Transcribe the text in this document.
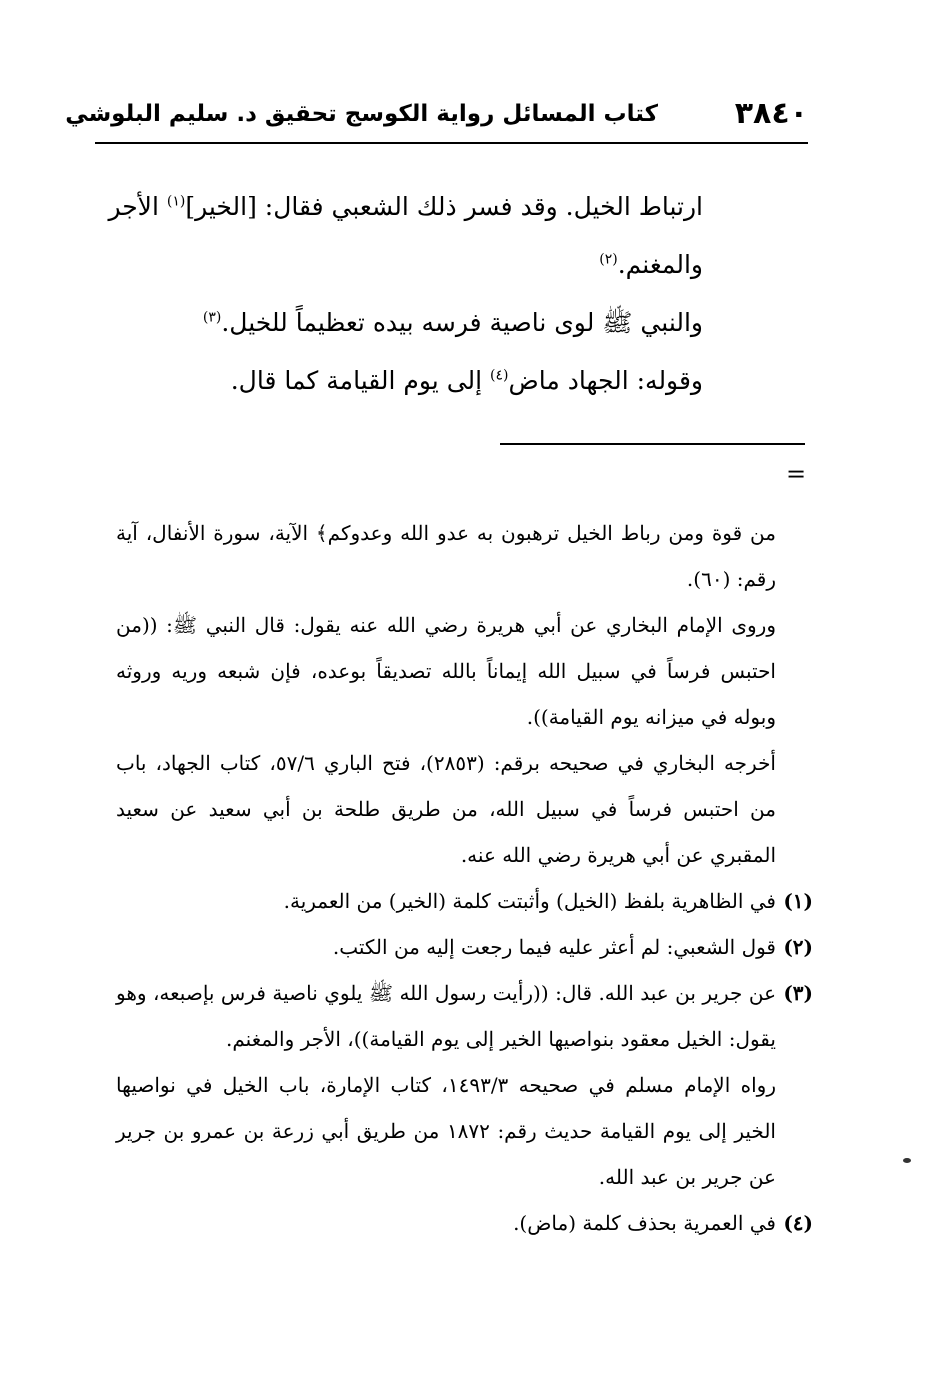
٣٨٤٠
كتاب المسائل رواية الكوسج تحقيق د. سليم البلوشي

ارتباط الخيل. وقد فسر ذلك الشعبي فقال: [الخير]$^{(١)}$ الأجر

والمغنم.$^{(٢)}$

والنبي ﷺ لوى ناصية فرسه بيده تعظيماً للخيل.$^{(٣)}$

وقوله: الجهاد ماض$^{(٤)}$ إلى يوم القيامة كما قال.

=

من قوة ومن رباط الخيل ترهبون به عدو الله وعدوكم﴾ الآية، سورة الأنفال، آية رقم: (٦٠).

وروى الإمام البخاري عن أبي هريرة رضي الله عنه يقول: قال النبي ﷺ: ((من احتبس فرساً في سبيل الله إيماناً بالله تصديقاً بوعده، فإن شبعه وريه وروثه وبوله في ميزانه يوم القيامة)).

أخرجه البخاري في صحيحه برقم: (٢٨٥٣)، فتح الباري ٥٧/٦، كتاب الجهاد، باب من احتبس فرساً في سبيل الله، من طريق طلحة بن أبي سعيد عن سعيد المقبري عن أبي هريرة رضي الله عنه.

(١)
في الظاهرية بلفظ (الخيل) وأثبتت كلمة (الخير) من العمرية.
(٢)
قول الشعبي: لم أعثر عليه فيما رجعت إليه من الكتب.
(٣)
عن جرير بن عبد الله. قال: ((رأيت رسول الله ﷺ يلوي ناصية فرس بإصبعه، وهو يقول: الخيل معقود بنواصيها الخير إلى يوم القيامة))، الأجر والمغنم.

رواه الإمام مسلم في صحيحه ١٤٩٣/٣، كتاب الإمارة، باب الخيل في نواصيها الخير إلى يوم القيامة حديث رقم: ١٨٧٢ من طريق أبي زرعة بن عمرو بن جرير عن جرير بن عبد الله.

(٤)
في العمرية بحذف كلمة (ماض).
